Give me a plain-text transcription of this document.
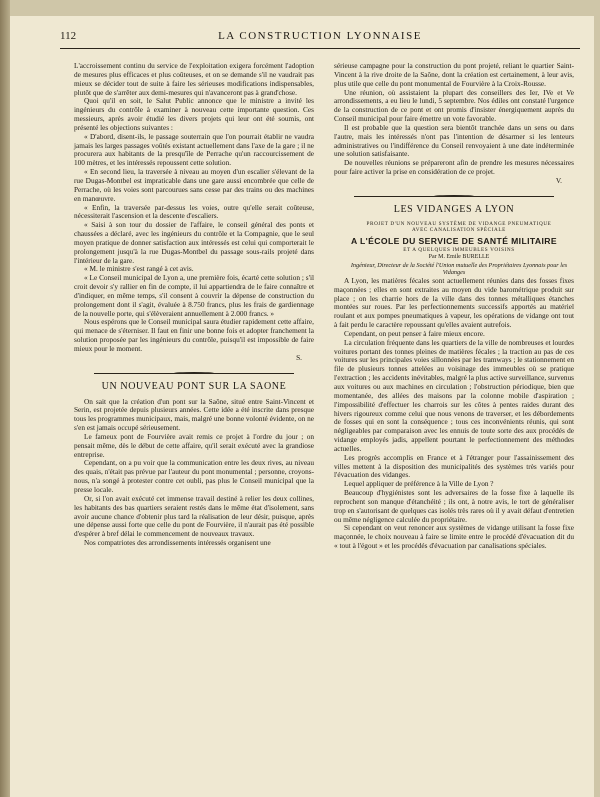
112	LA CONSTRUCTION LYONNAISE

L'accroissement continu du service de l'exploitation exigera forcément l'adoption de mesures plus efficaces et plus coûteuses, et on se demande s'il ne vaudrait pas mieux se décider tout de suite à faire les sérieuses modifications indispensables, plutôt que de s'arrêter aux demi-mesures qui n'avanceront pas à grand'chose.

Quoi qu'il en soit, le Salut Public annonce que le ministre a invité les ingénieurs du contrôle à examiner à nouveau cette importante question. Ces messieurs, après avoir étudié les divers projets qui leur ont été soumis, ont présenté les objections suivantes :

« D'abord, disent-ils, le passage souterrain que l'on pourrait établir ne vaudra jamais les larges passages voûtés existant actuellement dans l'axe de la gare ; il ne procurera aux habitants de la presqu'île de Perrache qu'un raccourcissement de 100 mètres, et les intéressés repoussent cette solution.

« En second lieu, la traversée à niveau au moyen d'un escalier s'élevant de la rue Dugas-Montbel est impraticable dans une gare aussi encombrée que celle de Perrache, où les voies sont parcourues sans cesse par des trains ou des machines en manœuvre.

« Enfin, la traversée par-dessus les voies, outre qu'elle serait coûteuse, nécessiterait l'ascension et la descente d'escaliers.

« Saisi à son tour du dossier de l'affaire, le conseil général des ponts et chaussées a déclaré, avec les ingénieurs du contrôle et la Compagnie, que le seul moyen pratique de donner satisfaction aux intéressés est celui qui comporterait le prolongement jusqu'à la rue Dugas-Montbel du passage sous-rails projeté dans l'intérieur de la gare.

« M. le ministre s'est rangé à cet avis.

« Le Conseil municipal de Lyon a, une première fois, écarté cette solution ; s'il croit devoir s'y rallier en fin de compte, il lui appartiendra de le faire connaître et d'indiquer, en même temps, s'il consent à couvrir la dépense de construction du prolongement dont il s'agit, évaluée à 8.750 francs, plus les frais de gardiennage de la nouvelle porte, qui s'élèveraient annuellement à 2.000 francs. »

Nous espérons que le Conseil municipal saura étudier rapidement cette affaire, qui menace de s'éterniser. Il faut en finir une bonne fois et adopter franchement la solution proposée par les ingénieurs du contrôle, puisqu'il est impossible de faire mieux pour le moment.

S.

UN NOUVEAU PONT SUR LA SAONE

On sait que la création d'un pont sur la Saône, situé entre Saint-Vincent et Serin, est projetée depuis plusieurs années. Cette idée a été inscrite dans presque tous les programmes municipaux, mais, malgré une bonne volonté évidente, on ne s'en est jamais occupé sérieusement.

Le fameux pont de Fourvière avait remis ce projet à l'ordre du jour ; on pensait même, dès le début de cette affaire, qu'il serait exécuté avec la grandiose entreprise.

Cependant, on a pu voir que la communication entre les deux rives, au niveau des quais, n'était pas prévue par l'auteur du pont monumental ; personne, croyons-nous, n'a songé à protester contre cet oubli, pas plus le Conseil municipal que la presse locale.

Or, si l'on avait exécuté cet immense travail destiné à relier les deux collines, les habitants des bas quartiers seraient restés dans le même état d'isolement, sans avoir aucune chance d'obtenir plus tard la réalisation de leur désir, puisque, après une dépense aussi forte que celle du pont de Fourvière, il n'aurait pas été possible d'espérer à bref délai le commencement de nouveaux travaux.

Nos compatriotes des arrondissements intéressés organisent une

sérieuse campagne pour la construction du pont projeté, reliant le quartier Saint-Vincent à la rive droite de la Saône, dont la création est certainement, à leur avis, plus utile que celle du pont monumental de Fourvière à la Croix-Rousse.

Une réunion, où assistaient la plupart des conseillers des Ier, IVe et Ve arrondissements, a eu lieu le lundi, 5 septembre. Nos édiles ont constaté l'urgence de la construction de ce pont et ont promis d'insister énergiquement auprès du Conseil municipal pour faire émettre un vote favorable.

Il est probable que la question sera bientôt tranchée dans un sens ou dans l'autre, mais les intéressés n'ont pas l'intention de désarmer si les lenteurs administratives ou l'indifférence du Conseil renvoyaient à une date indéterminée une solution satisfaisante.

De nouvelles réunions se prépareront afin de prendre les mesures nécessaires pour faire activer la prise en considération de ce projet.

V.

LES VIDANGES A LYON

PROJET D'UN NOUVEAU SYSTÈME DE VIDANGE PNEUMATIQUE

AVEC CANALISATION SPÉCIALE

A L'ÉCOLE DU SERVICE DE SANTÉ MILITAIRE

ET A QUELQUES IMMEUBLES VOISINS

Par M. Emile BURELLE

Ingénieur, Directeur de la Société l'Union mutuelle des Propriétaires Lyonnais pour les Vidanges

A Lyon, les matières fécales sont actuellement réunies dans des fosses fixes maçonnées ; elles en sont extraites au moyen du vide barométrique produit sur place ; on les charrie hors de la ville dans des tonnes métalliques étanches montées sur roues. Par les perfectionnements successifs apportés au matériel roulant et aux pompes pneumatiques à vapeur, les opérations de vidange ont tout à fait perdu le caractère repoussant qu'elles avaient autrefois.

Cependant, on peut penser à faire mieux encore.

La circulation fréquente dans les quartiers de la ville de nombreuses et lourdes voitures portant des tonnes pleines de matières fécales ; la traction au pas de ces voitures sur les principales voies sillonnées par les tramways ; le stationnement en file de plusieurs tonnes attelées au voisinage des immeubles où se pratique l'extraction ; les accidents inévitables, malgré la plus active surveillance, survenus aux voitures ou aux machines en circulation ; l'obstruction périodique, bien que momentanée, des allées des maisons par la colonne mobile d'aspiration ; l'impossibilité d'effectuer les charrois sur les côtes à pentes raides durant des hivers rigoureux comme celui que nous venons de traverser, et les débordements de fosses qui en sont la conséquence ; tous ces inconvénients réunis, qui sont négligeables par comparaison avec les ennuis de toute sorte des aux procédés de vidange employés jadis, appellent pourtant le perfectionnement des méthodes actuelles.

Les progrès accomplis en France et à l'étranger pour l'assainissement des villes mettent à la disposition des municipalités des systèmes très variés pour l'évacuation des vidanges.

Lequel appliquer de préférence à la Ville de Lyon ?

Beaucoup d'hygiénistes sont les adversaires de la fosse fixe à laquelle ils reprochent son manque d'étanchéité ; ils ont, à notre avis, le tort de généraliser trop en s'autorisant de quelques cas isolés très rares où il y avait défaut d'entretien ou même négligence calculée du propriétaire.

Si cependant on veut renoncer aux systèmes de vidange utilisant la fosse fixe maçonnée, le choix nouveau à faire se limite entre le procédé d'évacuation dit du « tout à l'égout » et les procédés d'évacuation par canalisations spéciales.
